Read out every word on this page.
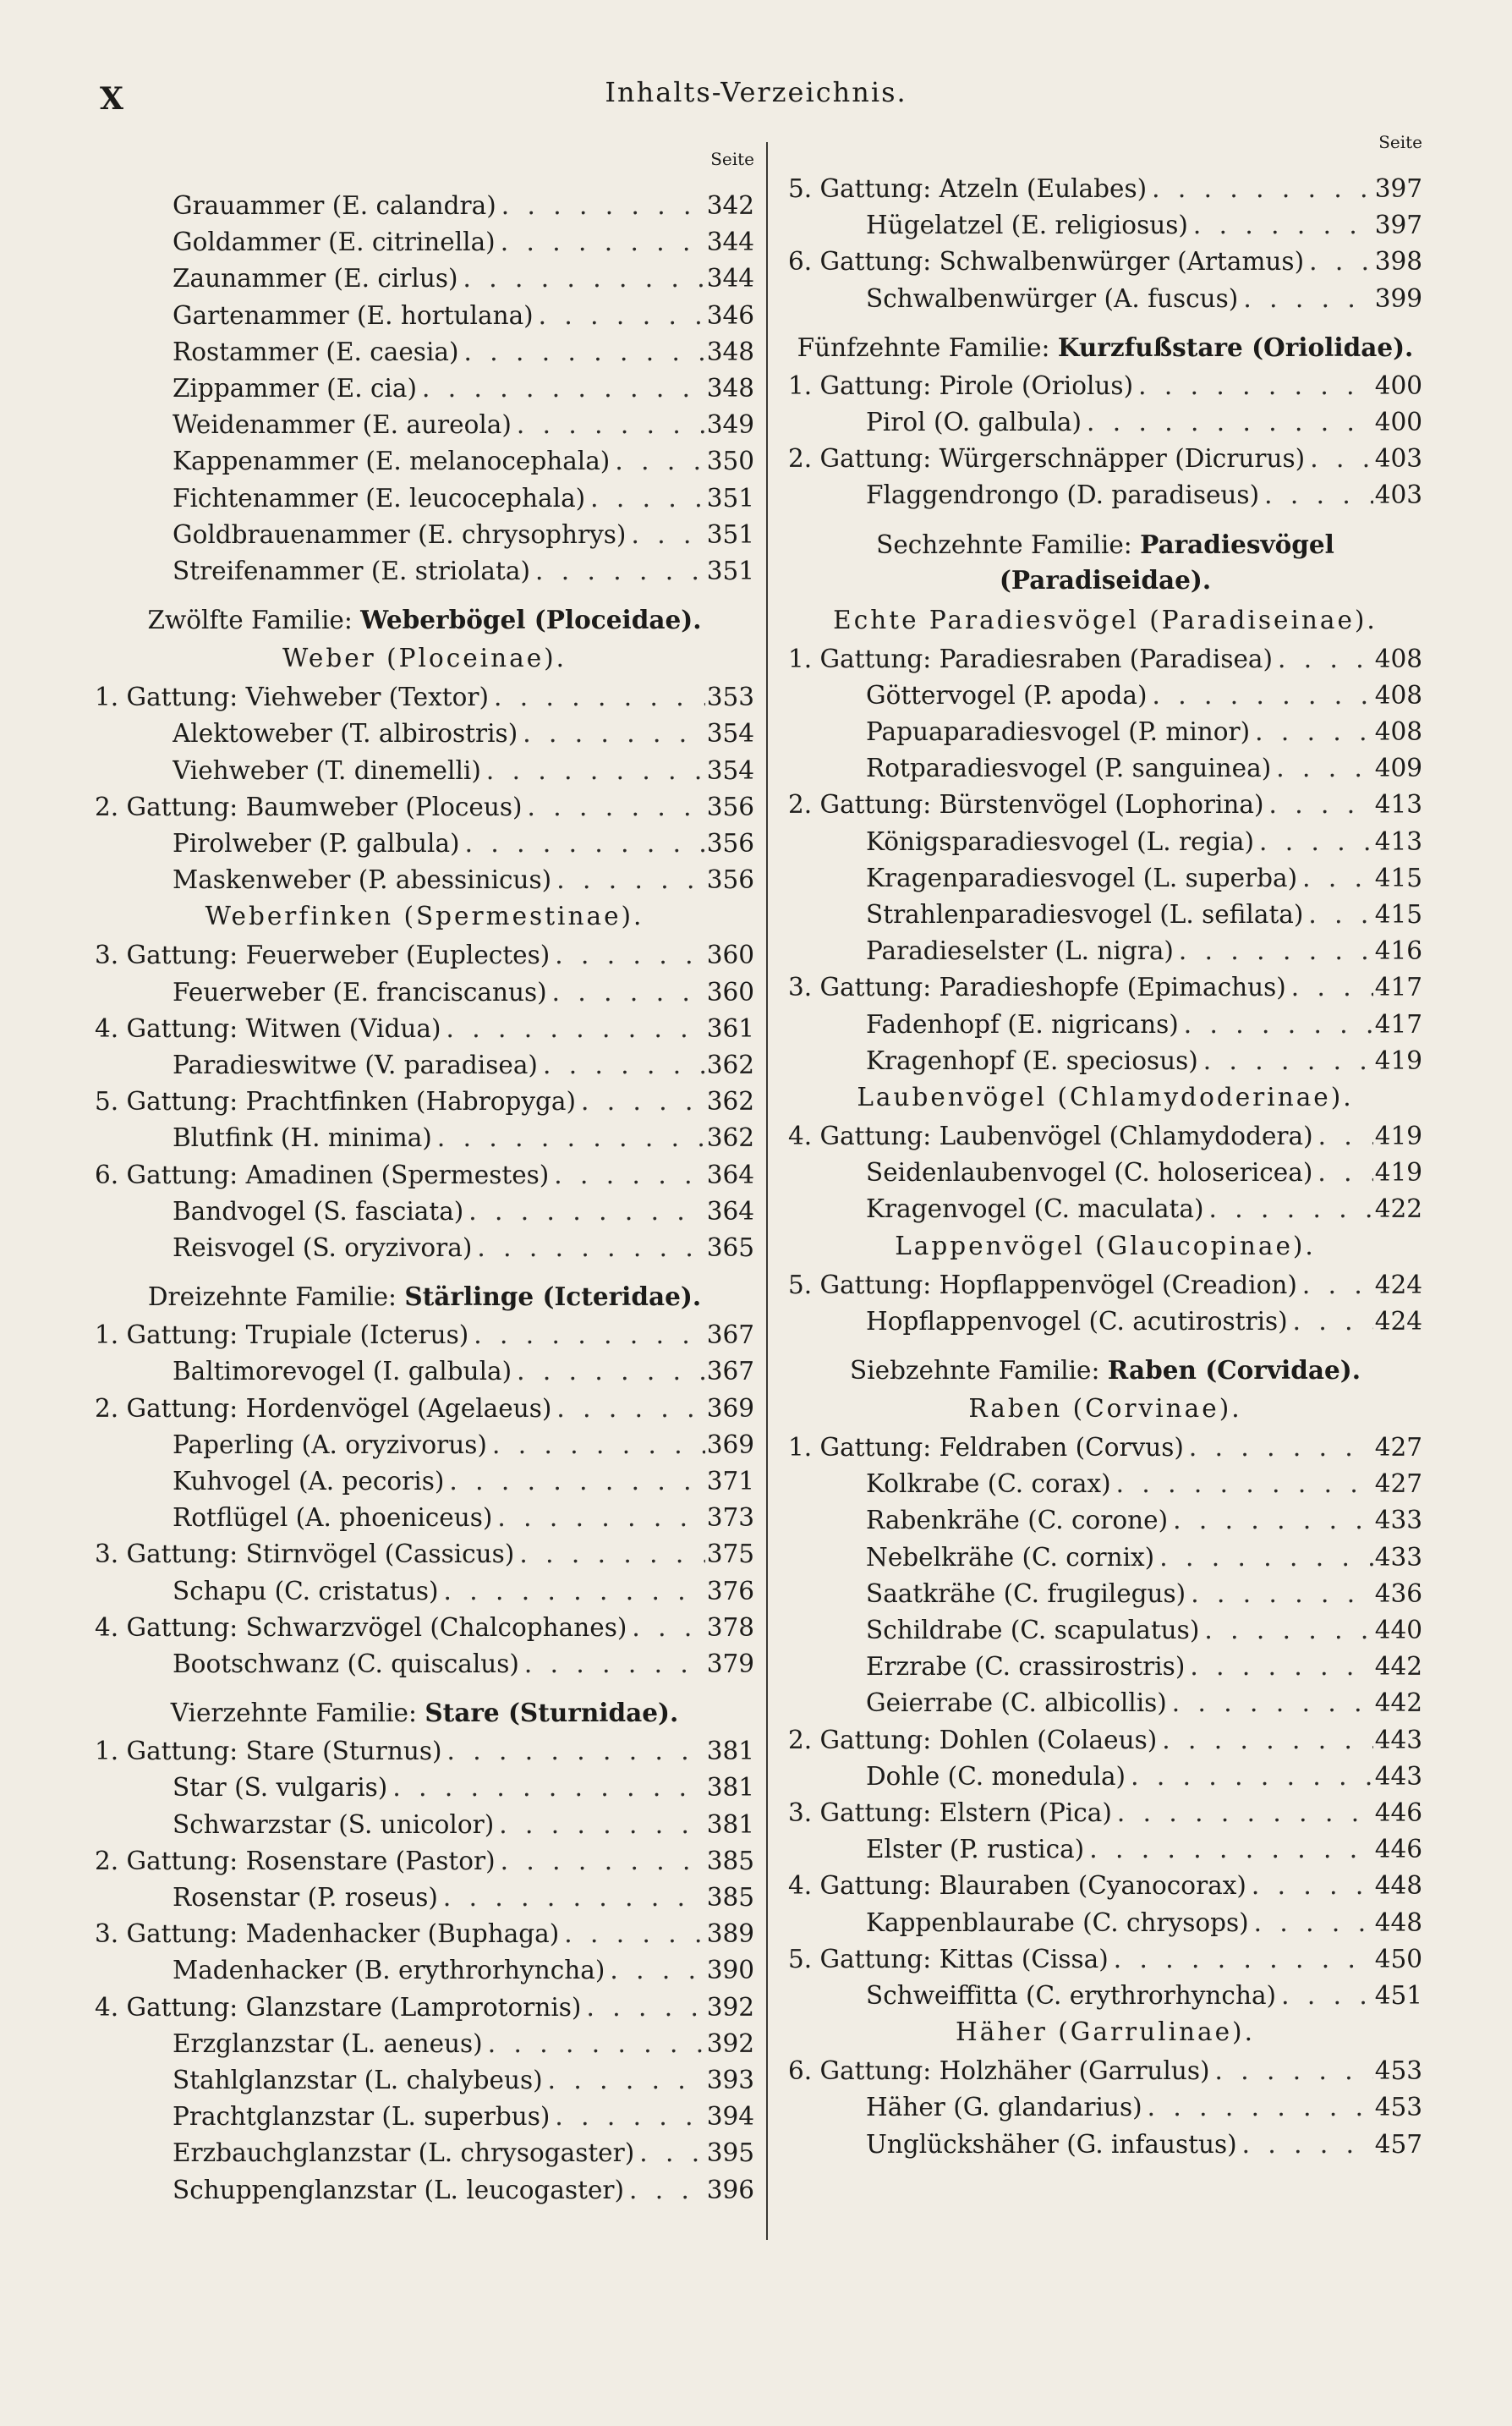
X	Inhalts-Verzeichnis.
Seite
Grauammer (E. calandra) . . .	342
Goldammer (E. citrinella) . . .	344
Zaunammer (E. cirlus) . . .	344
Gartenammer (E. hortulana) . . .	346
Rostammer (E. caesia) . . .	348
Zippammer (E. cia) . . .	348
Weidenammer (E. aureola) . . .	349
Kappenammer (E. melanocephala) . . .	350
Fichtenammer (E. leucocephala) . . .	351
Goldbrauenammer (E. chrysophrys) . . .	351
Streifenammer (E. striolata) . . .	351
Zwölfte Familie: Weberbögel (Ploceidae).
Weber (Ploceinae).
1. Gattung: Viehweber (Textor) . . .	353
Alektoweber (T. albirostris) . . .	354
Viehweber (T. dinemelli) . . .	354
2. Gattung: Baumweber (Ploceus) . . .	356
Pirolweber (P. galbula) . . .	356
Maskenweber (P. abessinicus) . . .	356
Weberfinken (Spermestinae).
3. Gattung: Feuerweber (Euplectes) . . .	360
Feuerweber (E. franciscanus) . . .	360
4. Gattung: Witwen (Vidua) . . .	361
Paradieswitwe (V. paradisea) . . .	362
5. Gattung: Prachtfinken (Habropyga) . . .	362
Blutfink (H. minima) . . .	362
6. Gattung: Amadinen (Spermestes) . . .	364
Bandvogel (S. fasciata) . . .	364
Reisvogel (S. oryzivora) . . .	365
Dreizehnte Familie: Stärlinge (Icteridae).
1. Gattung: Trupiale (Icterus) . . .	367
Baltimorevogel (I. galbula) . . .	367
2. Gattung: Hordenvögel (Agelaeus) . . .	369
Paperling (A. oryzivorus) . . .	369
Kuhvogel (A. pecoris) . . .	371
Rotflügel (A. phoeniceus) . . .	373
3. Gattung: Stirnvögel (Cassicus) . . .	375
Schapu (C. cristatus) . . .	376
4. Gattung: Schwarzvögel (Chalcophanes) . . .	378
Bootschwanz (C. quiscalus) . . .	379
Vierzehnte Familie: Stare (Sturnidae).
1. Gattung: Stare (Sturnus) . . .	381
Star (S. vulgaris) . . .	381
Schwarzstar (S. unicolor) . . .	381
2. Gattung: Rosenstare (Pastor) . . .	385
Rosenstar (P. roseus) . . .	385
3. Gattung: Madenhacker (Buphaga) . . .	389
Madenhacker (B. erythrorhyncha) . . .	390
4. Gattung: Glanzstare (Lamprotornis) . . .	392
Erzglanzstar (L. aeneus) . . .	392
Stahlglanzstar (L. chalybeus) . . .	393
Prachtglanzstar (L. superbus) . . .	394
Erzbauchglanzstar (L. chrysogaster) . . .	395
Schuppenglanzstar (L. leucogaster) . . .	396
Seite
5. Gattung: Atzeln (Eulabes) . . .	397
Hügelatzel (E. religiosus) . . .	397
6. Gattung: Schwalbenwürger (Artamus) . . .	398
Schwalbenwürger (A. fuscus) . . .	399
Fünfzehnte Familie: Kurzfußstare (Oriolidae).
1. Gattung: Pirole (Oriolus) . . .	400
Pirol (O. galbula) . . .	400
2. Gattung: Würgerschnäpper (Dicrurus) . . .	403
Flaggendrongo (D. paradiseus) . . .	403
Sechzehnte Familie: Paradiesvögel
(Paradiseidae).
Echte Paradiesvögel (Paradiseinae).
1. Gattung: Paradiesraben (Paradisea) . . .	408
Göttervogel (P. apoda) . . .	408
Papuaparadiesvogel (P. minor) . . .	408
Rotparadiesvogel (P. sanguinea) . . .	409
2. Gattung: Bürstenvögel (Lophorina) . . .	413
Königsparadiesvogel (L. regia) . . .	413
Kragenparadiesvogel (L. superba) . . .	415
Strahlenparadiesvogel (L. sefilata) . . .	415
Paradieselster (L. nigra) . . .	416
3. Gattung: Paradieshopfe (Epimachus) . . .	417
Fadenhopf (E. nigricans) . . .	417
Kragenhopf (E. speciosus) . . .	419
Laubenvögel (Chlamydoderinae).
4. Gattung: Laubenvögel (Chlamydodera) . . . 419
Seidenlaubenvogel (C. holosericea) . . . 419
Kragenvogel (C. maculata) . . .	422
Lappenvögel (Glaucopinae).
5. Gattung: Hopflappenvögel (Creadion) . . .	424
Hopflappenvogel (C. acutirostris) . . .	424
Siebzehnte Familie: Raben (Corvidae).
Raben (Corvinae).
1. Gattung: Feldraben (Corvus) . . .	427
Kolkrabe (C. corax) . . .	427
Rabenkrähe (C. corone) . . .	433
Nebelkrähe (C. cornix) . . .	433
Saatkrähe (C. frugilegus) . . .	436
Schildrabe (C. scapulatus) . . .	440
Erzrabe (C. crassirostris) . . .	442
Geierrabe (C. albicollis) . . .	442
2. Gattung: Dohlen (Colaeus) . . .	443
Dohle (C. monedula) . . .	443
3. Gattung: Elstern (Pica) . . .	446
Elster (P. rustica) . . .	446
4. Gattung: Blauraben (Cyanocorax) . . .	448
Kappenblaurabe (C. chrysops) . . .	448
5. Gattung: Kittas (Cissa) . . .	450
Schweiffitta (C. erythrorhyncha) . . .	451
Häher (Garrulinae).
6. Gattung: Holzhäher (Garrulus) . . .	453
Häher (G. glandarius) . . .	453
Unglückshäher (G. infaustus) . . .	457
